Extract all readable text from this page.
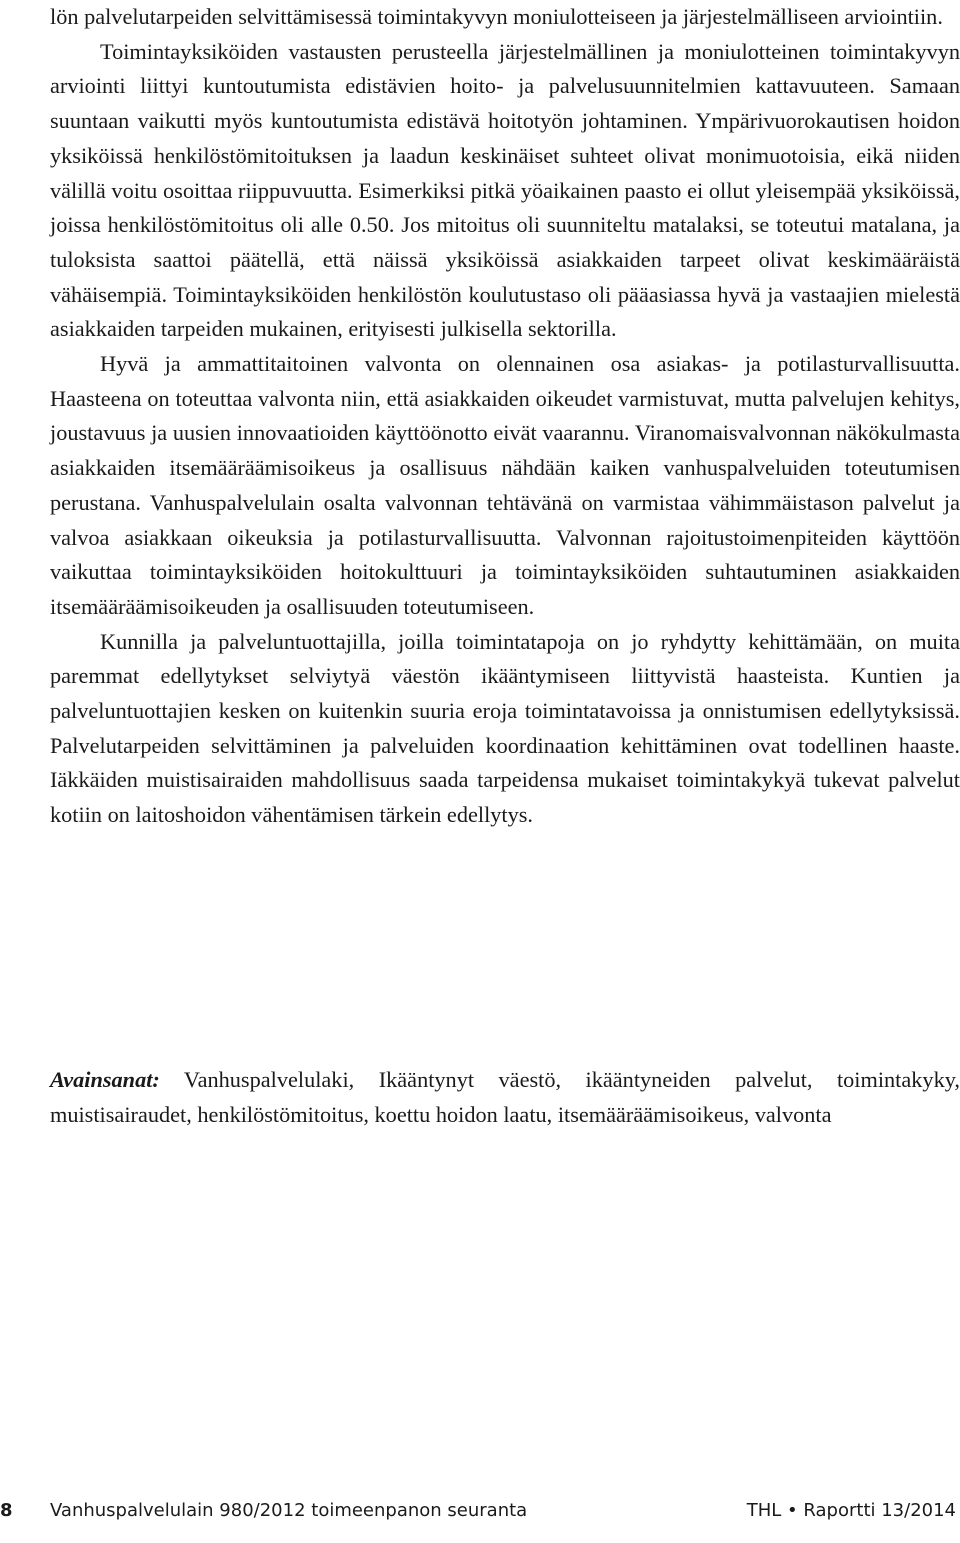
lön palvelutarpeiden selvittämisessä toimintakyvyn moniulotteiseen ja järjestelmälliseen arviointiin.

Toimintayksiköiden vastausten perusteella järjestelmällinen ja moniulotteinen toimintakyvyn arviointi liittyi kuntoutumista edistävien hoito- ja palvelusuunnitelmien kattavuuteen. Samaan suuntaan vaikutti myös kuntoutumista edistävä hoitotyön johtaminen. Ympärivuorokautisen hoidon yksiköissä henkilöstömitoituksen ja laadun keskinäiset suhteet olivat monimuotoisia, eikä niiden välillä voitu osoittaa riippuvuutta. Esimerkiksi pitkä yöaikainen paasto ei ollut yleisempää yksiköissä, joissa henkilöstömitoitus oli alle 0.50. Jos mitoitus oli suunniteltu matalaksi, se toteutui matalana, ja tuloksista saattoi päätellä, että näissä yksiköissä asiakkaiden tarpeet olivat keskimääräistä vähäisempiä. Toimintayksiköiden henkilöstön koulutustaso oli pääasiassa hyvä ja vastaajien mielestä asiakkaiden tarpeiden mukainen, erityisesti julkisella sektorilla.

Hyvä ja ammattitaitoinen valvonta on olennainen osa asiakas- ja potilasturvallisuutta. Haasteena on toteuttaa valvonta niin, että asiakkaiden oikeudet varmistuvat, mutta palvelujen kehitys, joustavuus ja uusien innovaatioiden käyttöönotto eivät vaarannu. Viranomaisvalvonnan näkökulmasta asiakkaiden itsemääräämisoikeus ja osallisuus nähdään kaiken vanhuspalveluiden toteutumisen perustana. Vanhuspalvelulain osalta valvonnan tehtävänä on varmistaa vähimmäistason palvelut ja valvoa asiakkaan oikeuksia ja potilasturvallisuutta. Valvonnan rajoitustoimenpiteiden käyttöön vaikuttaa toimintayksiköiden hoitokulttuuri ja toimintayksiköiden suhtautuminen asiakkaiden itsemääräämisoikeuden ja osallisuuden toteutumiseen.

Kunnilla ja palveluntuottajilla, joilla toimintatapoja on jo ryhdytty kehittämään, on muita paremmat edellytykset selviytyä väestön ikääntymiseen liittyvistä haasteista. Kuntien ja palveluntuottajien kesken on kuitenkin suuria eroja toimintatavoissa ja onnistumisen edellytyksissä. Palvelutarpeiden selvittäminen ja palveluiden koordinaation kehittäminen ovat todellinen haaste. Iäkkäiden muistisairaiden mahdollisuus saada tarpeidensa mukaiset toimintakykyä tukevat palvelut kotiin on laitoshoidon vähentämisen tärkein edellytys.

Avainsanat: Vanhuspalvelulaki, Ikääntynyt väestö, ikääntyneiden palvelut, toimintakyky, muistisairaudet, henkilöstömitoitus, koettu hoidon laatu, itsemääräämisoikeus, valvonta

8 Vanhuspalvelulain 980/2012 toimeenpanon seuranta	THL • Raportti 13/2014
